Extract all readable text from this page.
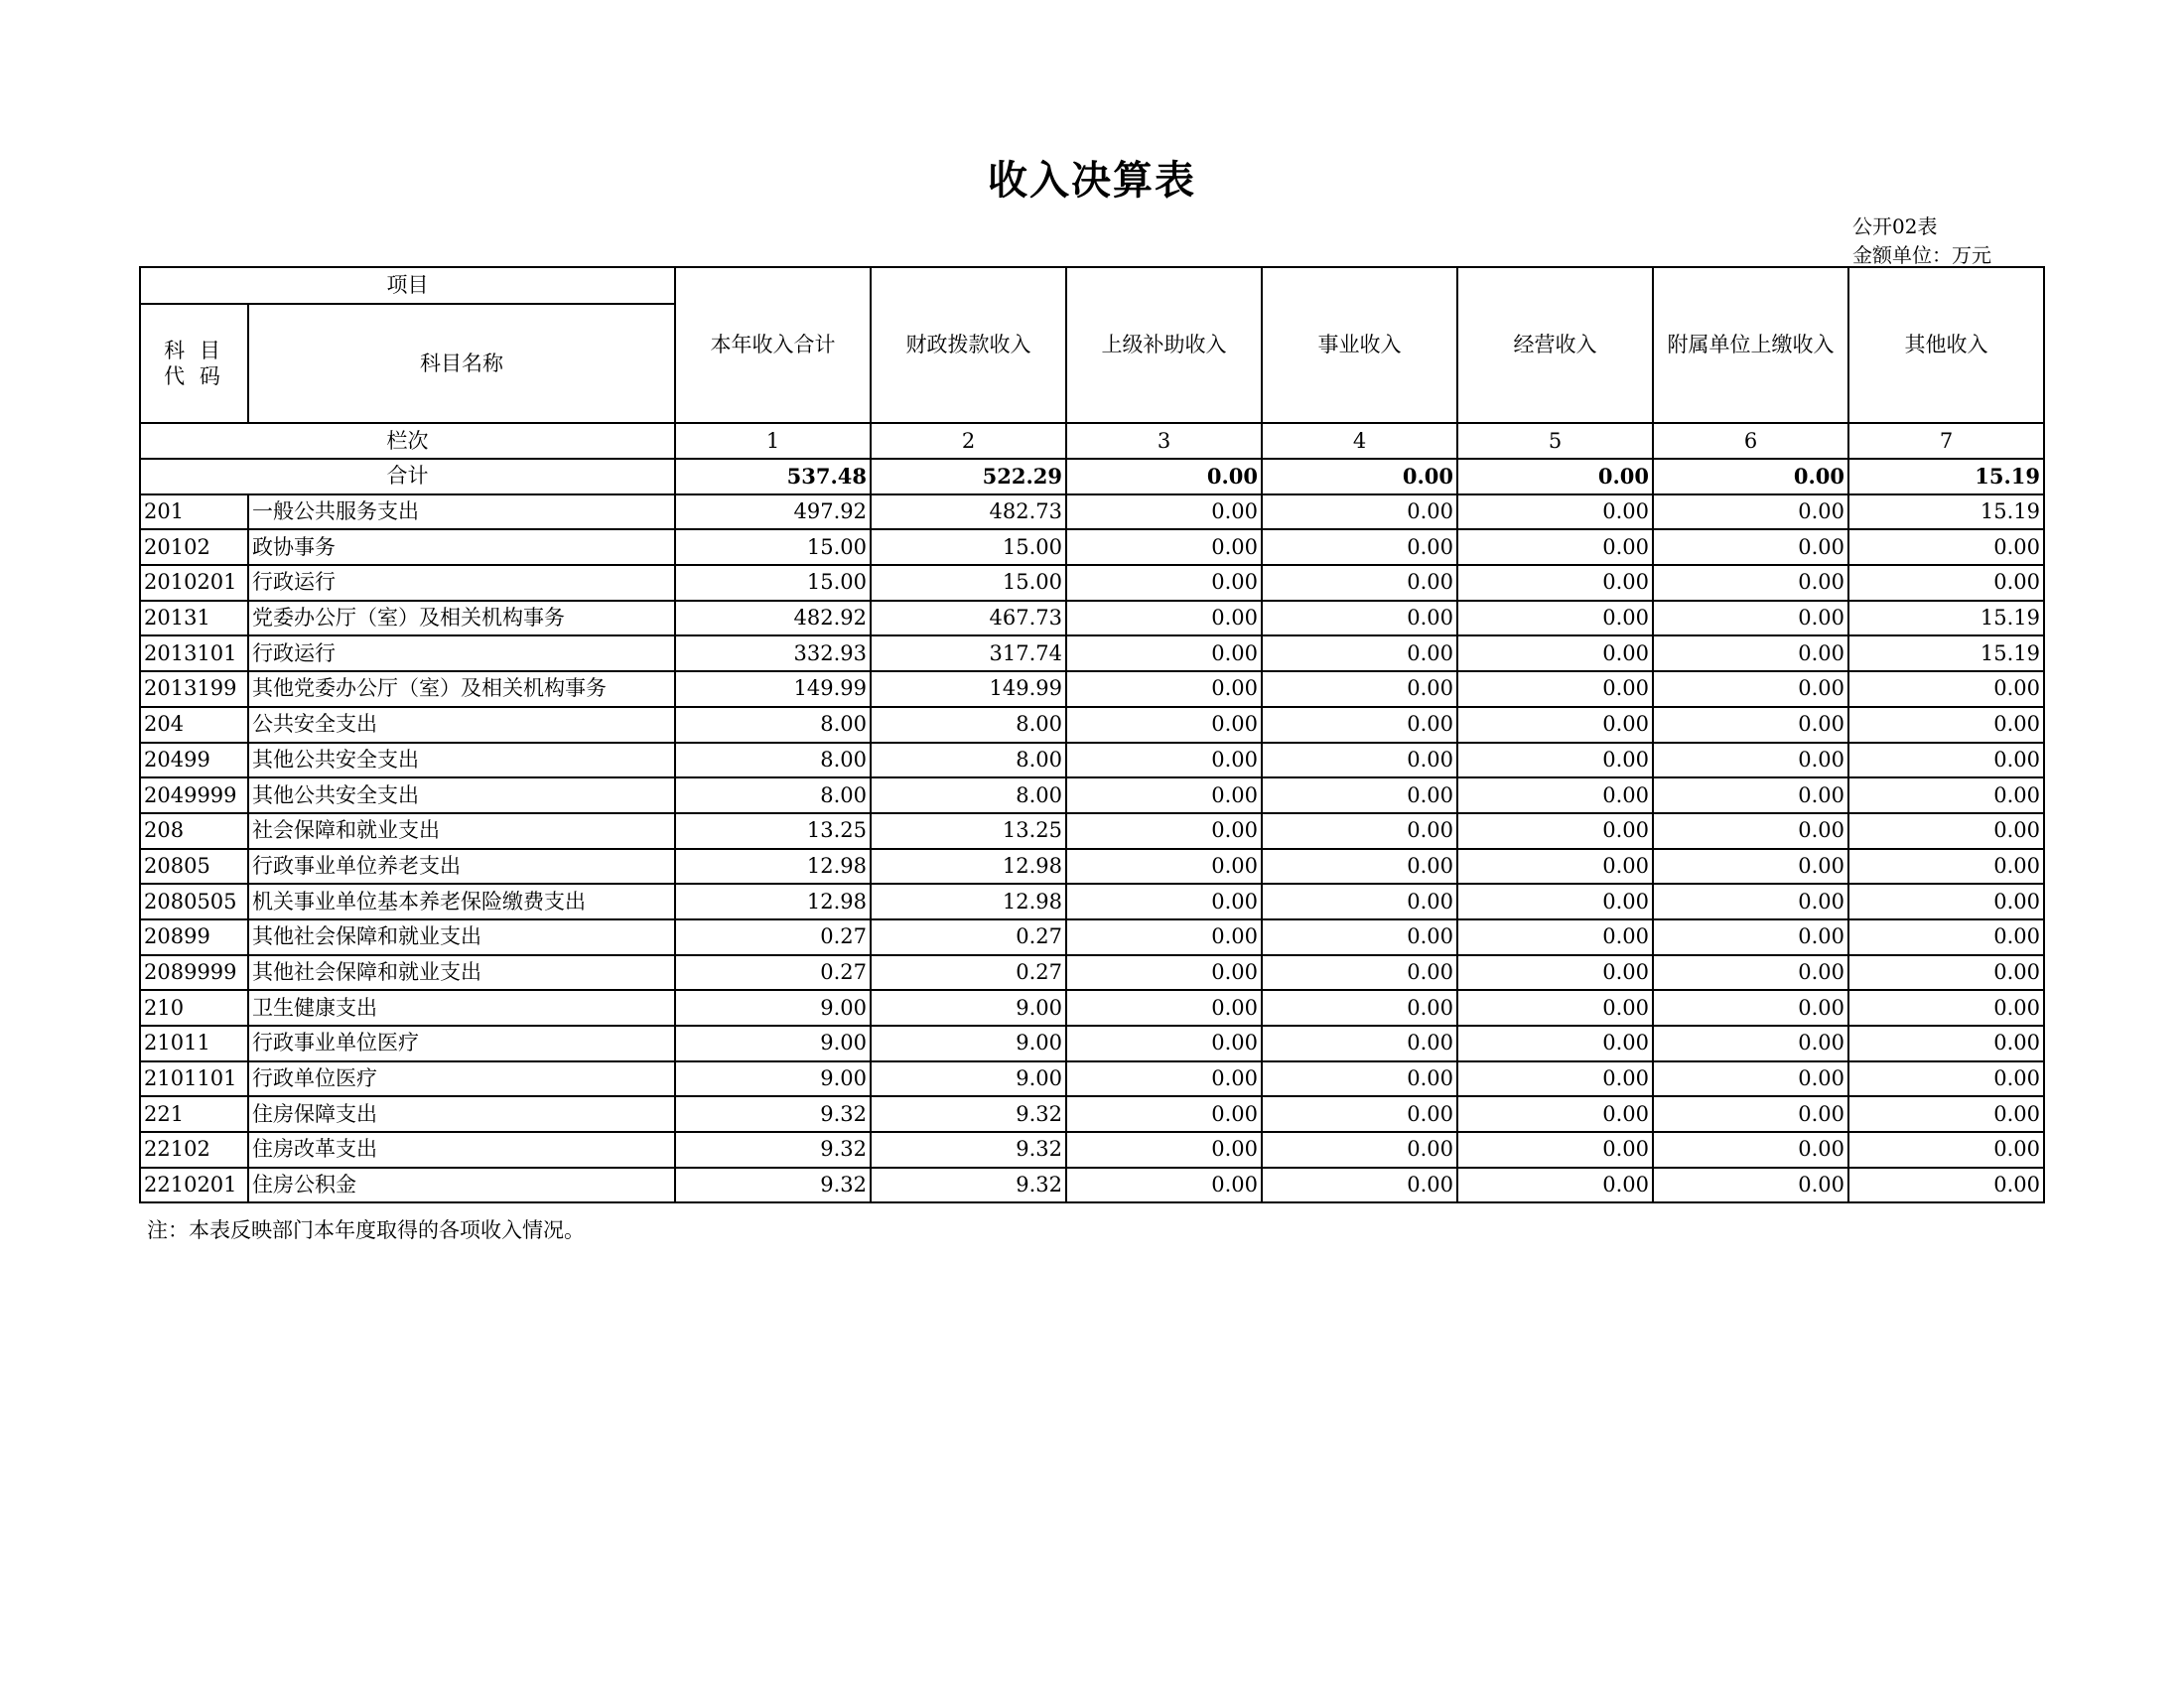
收入决算表
公开02表
金额单位：万元
项目		本年收入合计	财政拨款收入	上级补助收入	事业收入	经营收入	附属单位上缴收入	其他收入
科 目 代 码	科目名称							
栏次		1	2	3	4	5	6	7
合计		537.48	522.29	0.00	0.00	0.00	0.00	15.19
201	一般公共服务支出	497.92	482.73	0.00	0.00	0.00	0.00	15.19
20102	政协事务	15.00	15.00	0.00	0.00	0.00	0.00	0.00
2010201	行政运行	15.00	15.00	0.00	0.00	0.00	0.00	0.00
20131	党委办公厅（室）及相关机构事务	482.92	467.73	0.00	0.00	0.00	0.00	15.19
2013101	行政运行	332.93	317.74	0.00	0.00	0.00	0.00	15.19
2013199	其他党委办公厅（室）及相关机构事务	149.99	149.99	0.00	0.00	0.00	0.00	0.00
204	公共安全支出	8.00	8.00	0.00	0.00	0.00	0.00	0.00
20499	其他公共安全支出	8.00	8.00	0.00	0.00	0.00	0.00	0.00
2049999	其他公共安全支出	8.00	8.00	0.00	0.00	0.00	0.00	0.00
208	社会保障和就业支出	13.25	13.25	0.00	0.00	0.00	0.00	0.00
20805	行政事业单位养老支出	12.98	12.98	0.00	0.00	0.00	0.00	0.00
2080505	机关事业单位基本养老保险缴费支出	12.98	12.98	0.00	0.00	0.00	0.00	0.00
20899	其他社会保障和就业支出	0.27	0.27	0.00	0.00	0.00	0.00	0.00
2089999	其他社会保障和就业支出	0.27	0.27	0.00	0.00	0.00	0.00	0.00
210	卫生健康支出	9.00	9.00	0.00	0.00	0.00	0.00	0.00
21011	行政事业单位医疗	9.00	9.00	0.00	0.00	0.00	0.00	0.00
2101101	行政单位医疗	9.00	9.00	0.00	0.00	0.00	0.00	0.00
221	住房保障支出	9.32	9.32	0.00	0.00	0.00	0.00	0.00
22102	住房改革支出	9.32	9.32	0.00	0.00	0.00	0.00	0.00
2210201	住房公积金	9.32	9.32	0.00	0.00	0.00	0.00	0.00
注：本表反映部门本年度取得的各项收入情况。
